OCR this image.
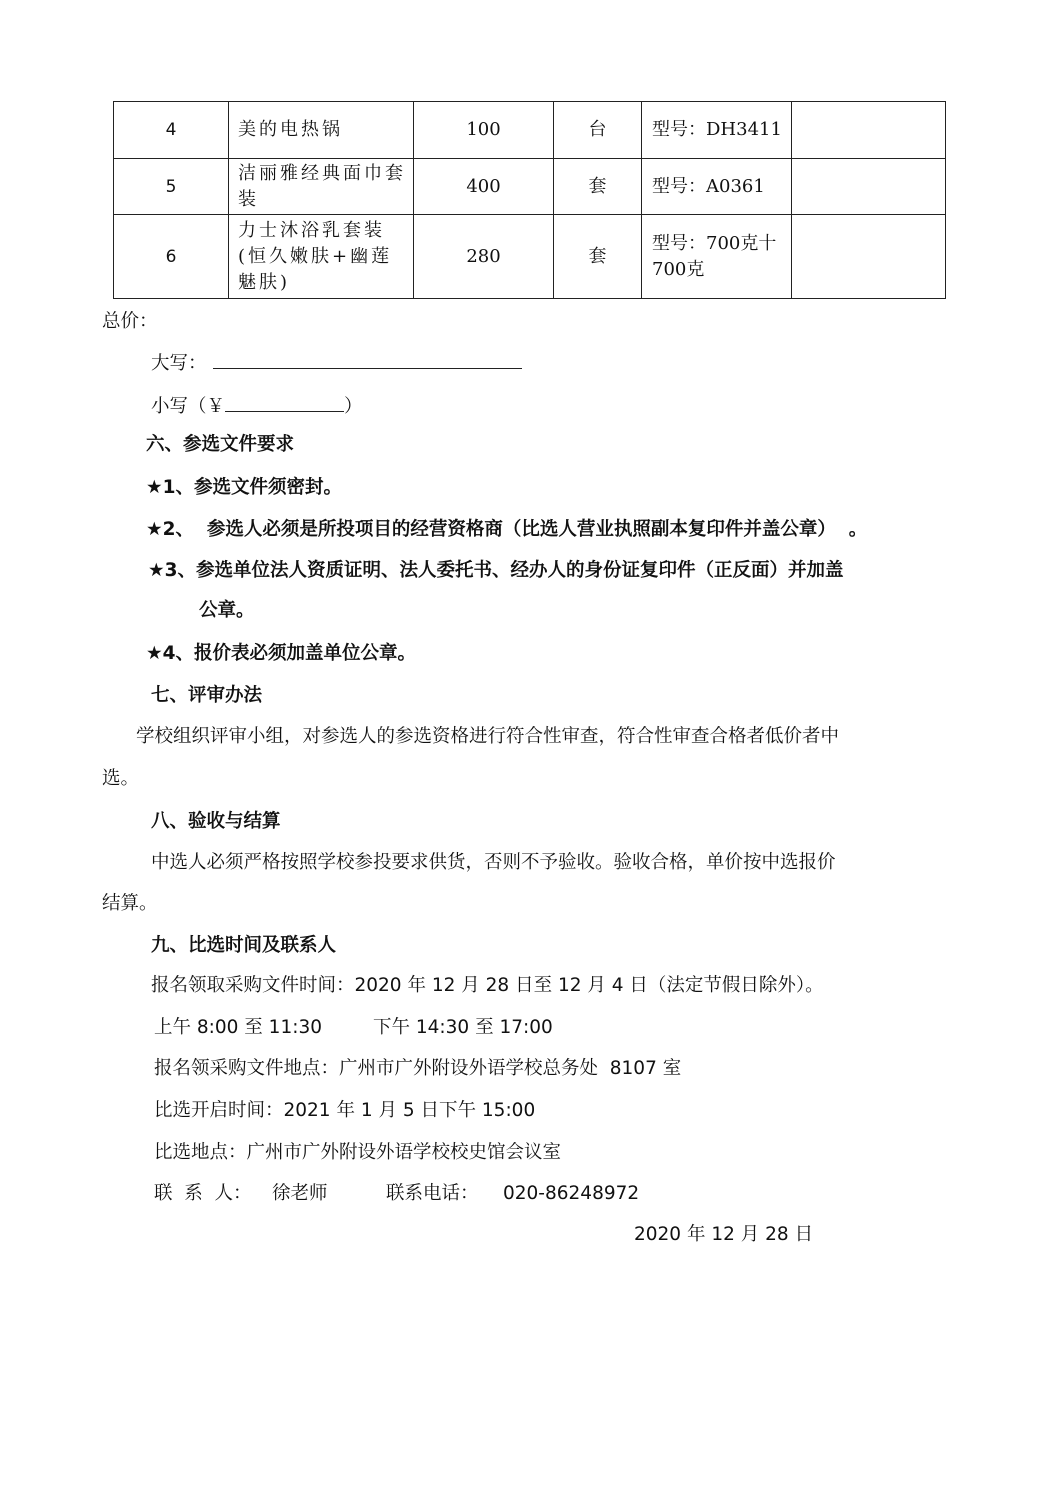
4	美的电热锅	100	台	型号：DH3411	
5	洁丽雅经典面巾套装	400	套	型号：A0361	
6	力士沐浴乳套装(恒久嫩肤+幽莲魅肤)	280	套	型号：700克十700克	
总价：
大写：
小写（￥	）
六、参选文件要求
★1、参选文件须密封。
★2、  参选人必须是所投项目的经营资格商（比选人营业执照副本复印件并盖公章）  。
★3、参选单位法人资质证明、法人委托书、经办人的身份证复印件（正反面）并加盖
公章。
★4、报价表必须加盖单位公章。
七、评审办法
学校组织评审小组，对参选人的参选资格进行符合性审查，符合性审查合格者低价者中
选。
八、验收与结算
中选人必须严格按照学校参投要求供货，否则不予验收。验收合格，单价按中选报价
结算。
九、比选时间及联系人
报名领取采购文件时间：2020 年 12 月 28 日至 12 月 4 日（法定节假日除外）。
上午 8:00 至 11:30	下午 14:30 至 17:00
报名领采购文件地点：广州市广外附设外语学校总务处  8107 室
比选开启时间：2021 年 1 月 5 日下午 15:00
比选地点：广州市广外附设外语学校校史馆会议室
联  系  人： 徐老师	联系电话： 020-86248972
2020 年 12 月 28 日
